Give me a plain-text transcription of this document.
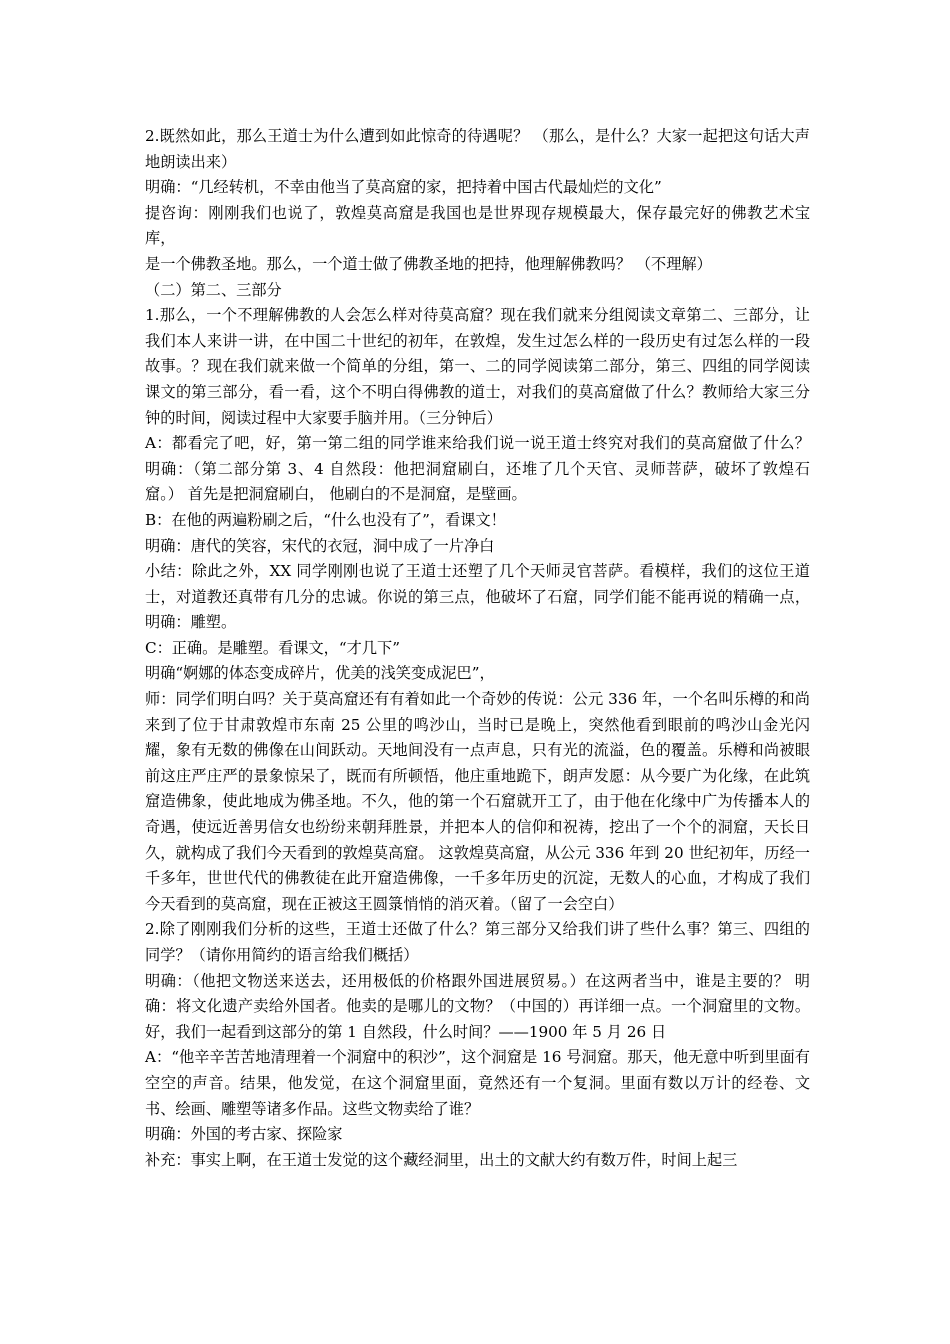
2.既然如此，那么王道士为什么遭到如此惊奇的待遇呢？ （那么，是什么？大家一起把这句话大声地朗读出来）

明确：“几经转机，不幸由他当了莫高窟的家，把持着中国古代最灿烂的文化”

提咨询：刚刚我们也说了，敦煌莫高窟是我国也是世界现存规模最大，保存最完好的佛教艺术宝库，

是一个佛教圣地。那么，一个道士做了佛教圣地的把持，他理解佛教吗？ （不理解）

（二）第二、三部分

1.那么，一个不理解佛教的人会怎么样对待莫高窟？现在我们就来分组阅读文章第二、三部分，让我们本人来讲一讲，在中国二十世纪的初年，在敦煌，发生过怎么样的一段历史有过怎么样的一段故事。？现在我们就来做一个简单的分组，第一、二的同学阅读第二部分，第三、四组的同学阅读课文的第三部分，看一看，这个不明白得佛教的道士，对我们的莫高窟做了什么？教师给大家三分钟的时间，阅读过程中大家要手脑并用。（三分钟后）

A：都看完了吧，好，第一第二组的同学谁来给我们说一说王道士终究对我们的莫高窟做了什么？ 明确：（第二部分第 3、4 自然段：他把洞窟刷白，还堆了几个天官、灵师菩萨，破坏了敦煌石窟。） 首先是把洞窟刷白， 他刷白的不是洞窟，是壁画。

B：在他的两遍粉刷之后，“什么也没有了”，看课文！

明确：唐代的笑容，宋代的衣冠，洞中成了一片净白

小结：除此之外，XX 同学刚刚也说了王道士还塑了几个天师灵官菩萨。看模样，我们的这位王道士，对道教还真带有几分的忠诚。你说的第三点，他破坏了石窟，同学们能不能再说的精确一点， 明确：雕塑。

C：正确。是雕塑。看课文，“才几下”

明确“婀娜的体态变成碎片，优美的浅笑变成泥巴”，

师：同学们明白吗？关于莫高窟还有有着如此一个奇妙的传说：公元 336 年，一个名叫乐樽的和尚来到了位于甘肃敦煌市东南 25 公里的鸣沙山，当时已是晚上，突然他看到眼前的鸣沙山金光闪耀，象有无数的佛像在山间跃动。天地间没有一点声息，只有光的流溢，色的覆盖。乐樽和尚被眼前这庄严庄严的景象惊呆了，既而有所顿悟，他庄重地跪下，朗声发愿：从今要广为化缘，在此筑窟造佛象，使此地成为佛圣地。不久，他的第一个石窟就开工了，由于他在化缘中广为传播本人的奇遇，使远近善男信女也纷纷来朝拜胜景，并把本人的信仰和祝祷，挖出了一个个的洞窟，天长日久，就构成了我们今天看到的敦煌莫高窟。 这敦煌莫高窟，从公元 336 年到 20 世纪初年，历经一千多年，世世代代的佛教徒在此开窟造佛像，一千多年历史的沉淀，无数人的心血，才构成了我们今天看到的莫高窟，现在正被这王圆箓悄悄的消灭着。（留了一会空白）

2.除了刚刚我们分析的这些，王道士还做了什么？第三部分又给我们讲了些什么事？第三、四组的同学？（请你用简约的语言给我们概括）

明确：（他把文物送来送去，还用极低的价格跟外国进展贸易。）在这两者当中，谁是主要的？ 明确：将文化遗产卖给外国者。他卖的是哪儿的文物？（中国的）再详细一点。一个洞窟里的文物。好，我们一起看到这部分的第 1 自然段，什么时间？——1900 年 5 月 26 日

A：“他辛辛苦苦地清理着一个洞窟中的积沙”，这个洞窟是 16 号洞窟。那天，他无意中听到里面有空空的声音。结果，他发觉，在这个洞窟里面，竟然还有一个复洞。里面有数以万计的经卷、文书、绘画、雕塑等诸多作品。这些文物卖给了谁？

明确：外国的考古家、探险家

补充：事实上啊，在王道士发觉的这个藏经洞里，出土的文献大约有数万件，时间上起三
